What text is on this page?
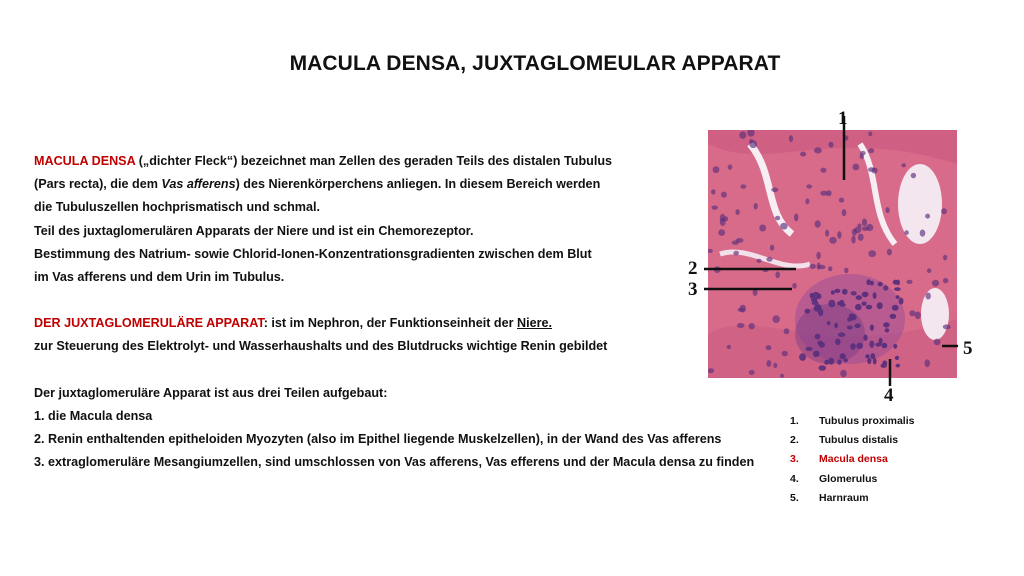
MACULA DENSA, JUXTAGLOMEULAR APPARAT
MACULA DENSA („dichter Fleck“) bezeichnet man Zellen des geraden Teils des distalen Tubulus
(Pars recta), die dem Vas afferens) des Nierenkörperchens anliegen. In diesem Bereich werden
die Tubuluszellen hochprismatisch und schmal.
Teil des juxtaglomerulären Apparats der Niere und ist ein Chemorezeptor.
Bestimmung des Natrium- sowie Chlorid-Ionen-Konzentrationsgradienten zwischen dem Blut
im Vas afferens und dem Urin im Tubulus.
DER JUXTAGLOMERULÄRE APPARAT: ist im Nephron, der Funktionseinheit der Niere.
zur Steuerung des Elektrolyt- und Wasserhaushalts und des Blutdrucks wichtige Renin gebildet
Der juxtaglomeruläre Apparat ist aus drei Teilen aufgebaut:
1. die Macula densa
2. Renin enthaltenden epitheloiden Myozyten (also im Epithel liegende Muskelzellen), in der Wand des Vas afferens
3. extraglomeruläre Mesangiumzellen, sind umschlossen von Vas afferens, Vas efferens und der Macula densa zu finden
1
2
3
4
5
1. Tubulus proximalis
2. Tubulus distalis
3. Macula densa
4. Glomerulus
5. Harnraum
